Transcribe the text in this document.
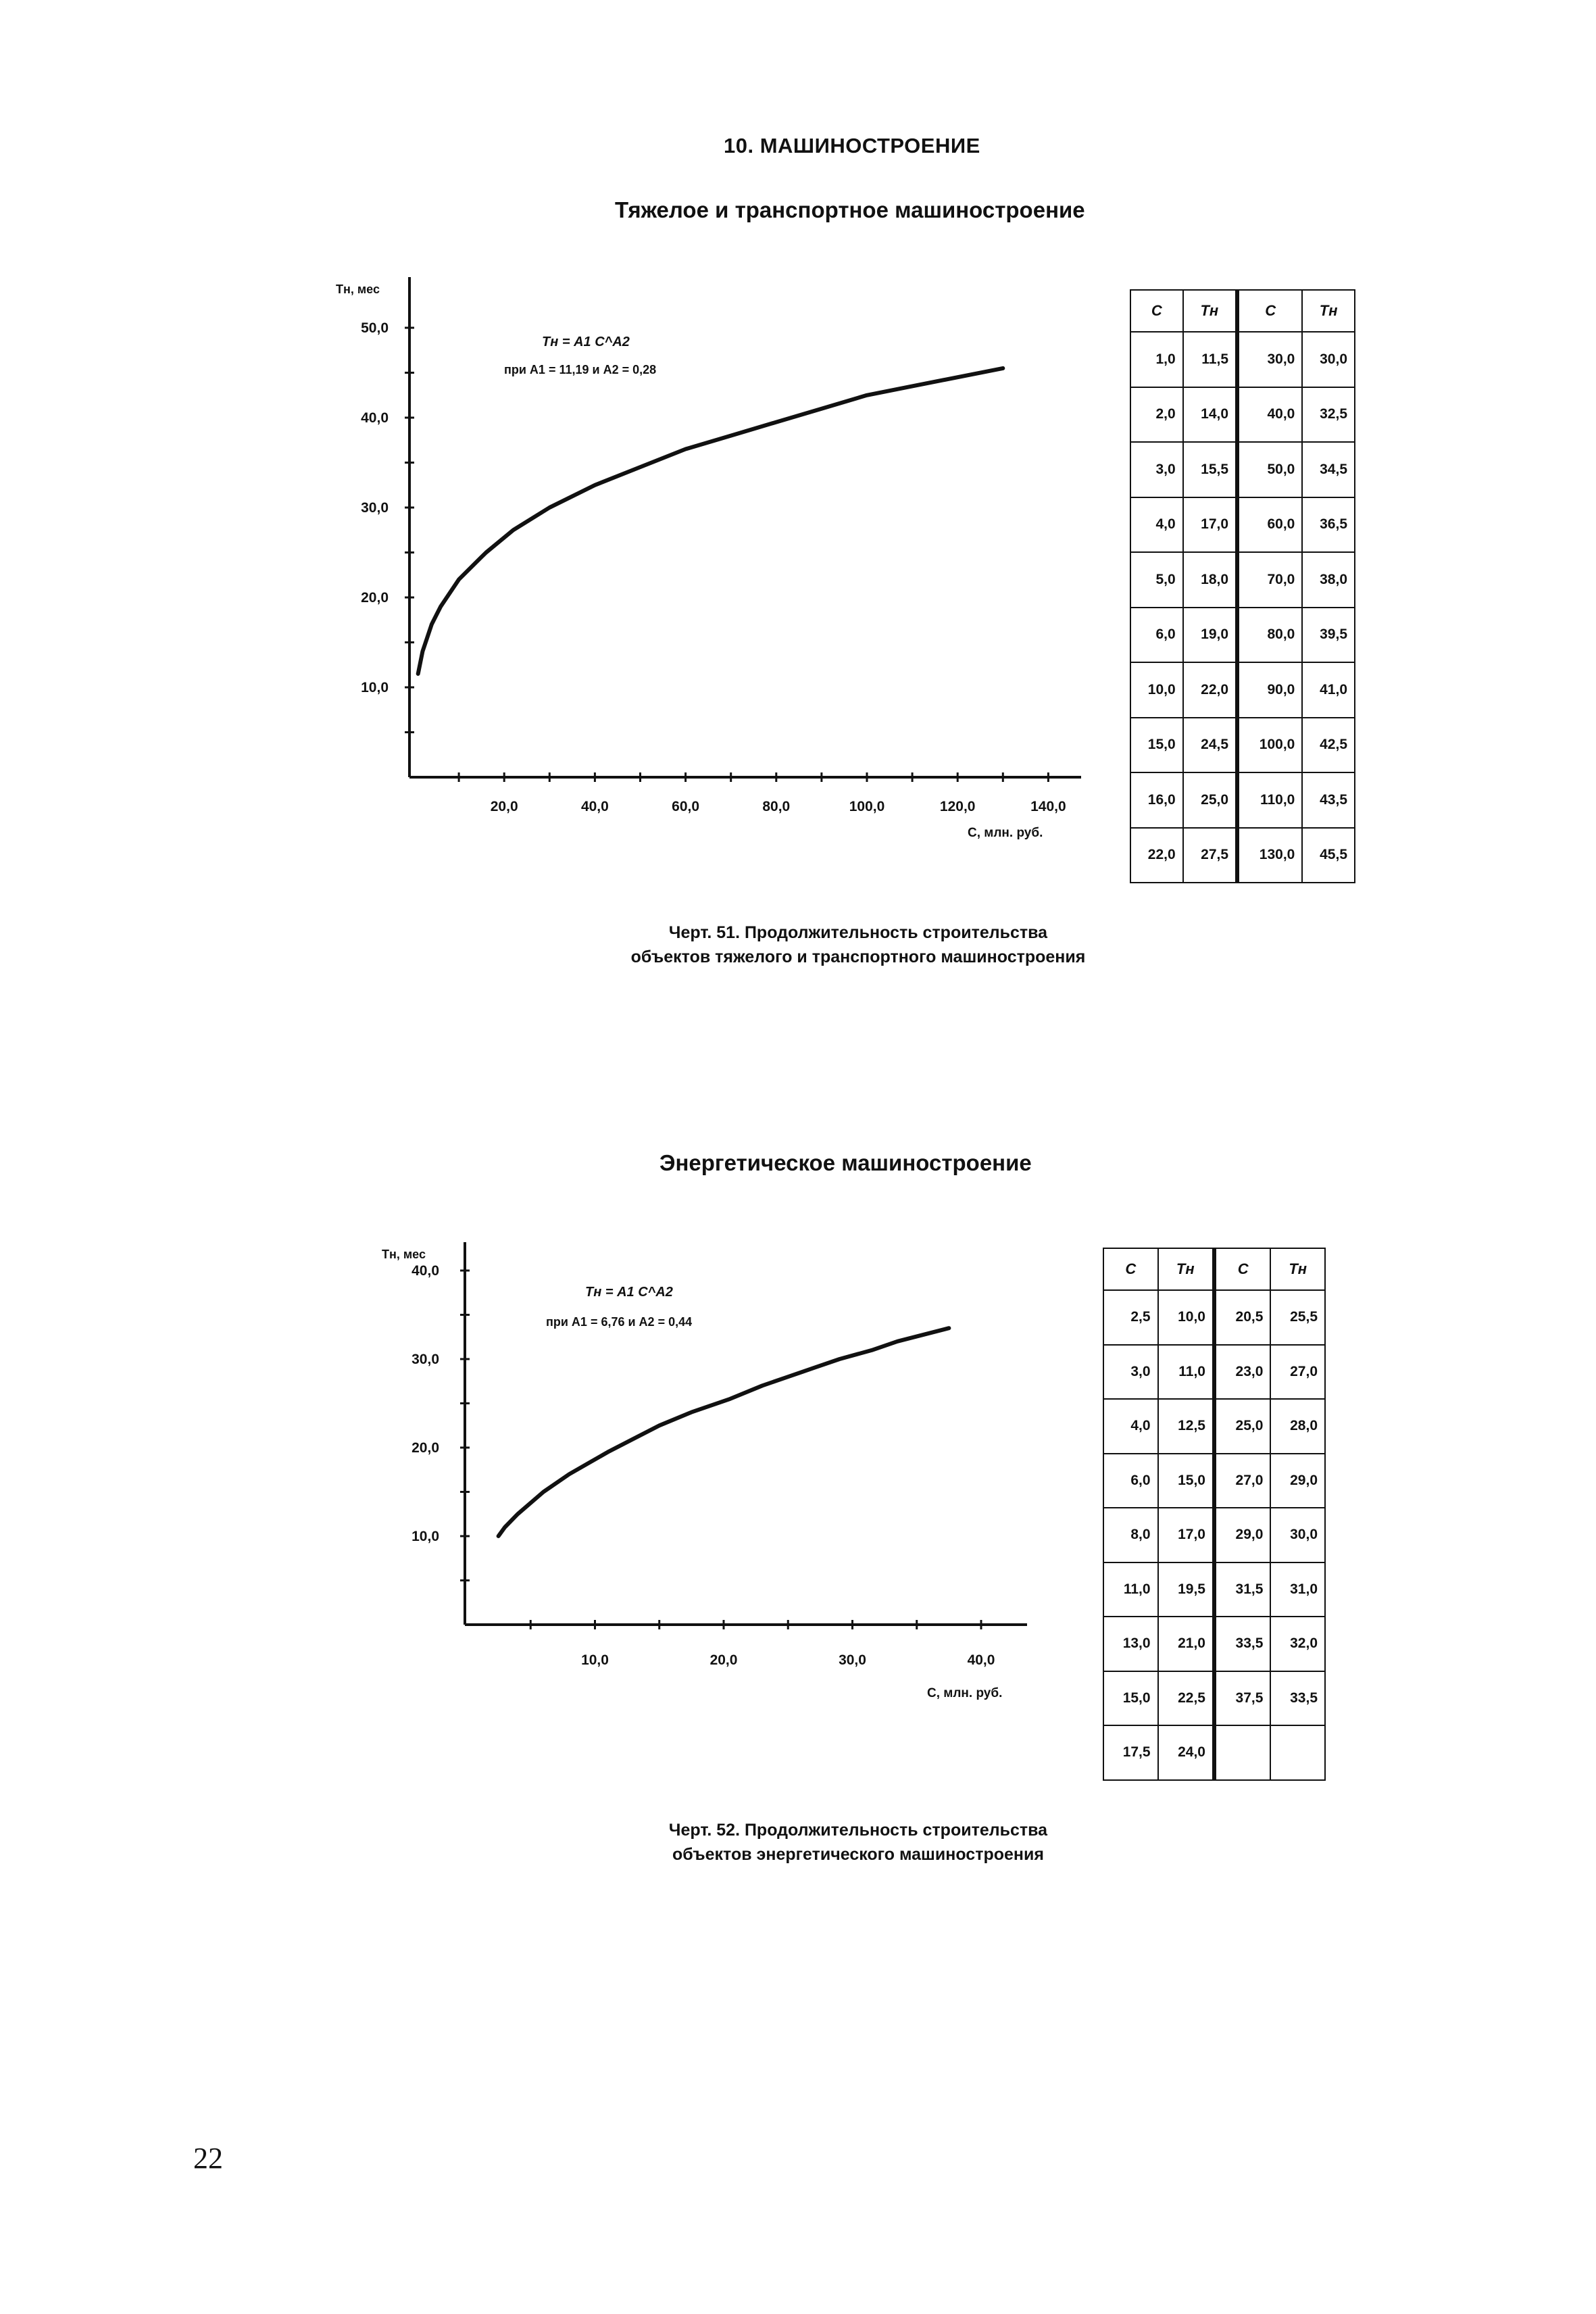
10. МАШИНОСТРОЕНИЕ
Тяжелое и транспортное машиностроение
20,0	40,0	60,0	80,0	100,0	120,0	140,0
10,0
20,0
30,0
40,0
50,0
Tн, мес
C, млн. руб.
Tн = A1 C^A2
при A1 = 11,19 и A2 = 0,28
C	Tн	C	Tн
1,0	11,5	30,0	30,0
2,0	14,0	40,0	32,5
3,0	15,5	50,0	34,5
4,0	17,0	60,0	36,5
5,0	18,0	70,0	38,0
6,0	19,0	80,0	39,5
10,0	22,0	90,0	41,0
15,0	24,5	100,0	42,5
16,0	25,0	110,0	43,5
22,0	27,5	130,0	45,5
Черт. 51. Продолжительность строительства
объектов тяжелого и транспортного машиностроения
Энергетическое машиностроение
10,0	20,0	30,0	40,0
10,0
20,0
30,0
40,0
Tн, мес
C, млн. руб.
Tн = A1 C^A2
при A1 = 6,76 и A2 = 0,44
C	Tн	C	Tн
2,5	10,0	20,5	25,5
3,0	11,0	23,0	27,0
4,0	12,5	25,0	28,0
6,0	15,0	27,0	29,0
8,0	17,0	29,0	30,0
11,0	19,5	31,5	31,0
13,0	21,0	33,5	32,0
15,0	22,5	37,5	33,5
17,5	24,0		
Черт. 52. Продолжительность строительства
объектов энергетического машиностроения
22
